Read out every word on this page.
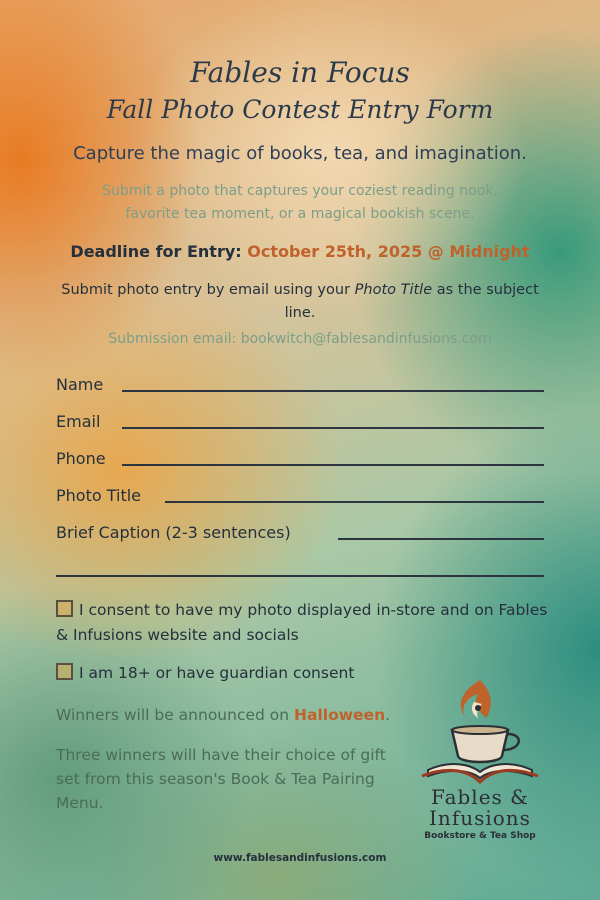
Fables in Focus

Fall Photo Contest Entry Form

Capture the magic of books, tea, and imagination.

Submit a photo that captures your coziest reading nook,
favorite tea moment, or a magical bookish scene.

Deadline for Entry: October 25th, 2025 @ Midnight

Submit photo entry by email using your Photo Title as the subject line.

Submission email: bookwitch@fablesandinfusions.com

Name
Email
Phone
Photo Title
Brief Caption (2-3 sentences)
I consent to have my photo displayed in-store and on Fables & Infusions website and socials
I am 18+ or have guardian consent

Winners will be announced on Halloween.

Three winners will have their choice of gift set from this season's Book & Tea Pairing Menu.	Fables &
Infusions
Bookstore & Tea Shop
www.fablesandinfusions.com
